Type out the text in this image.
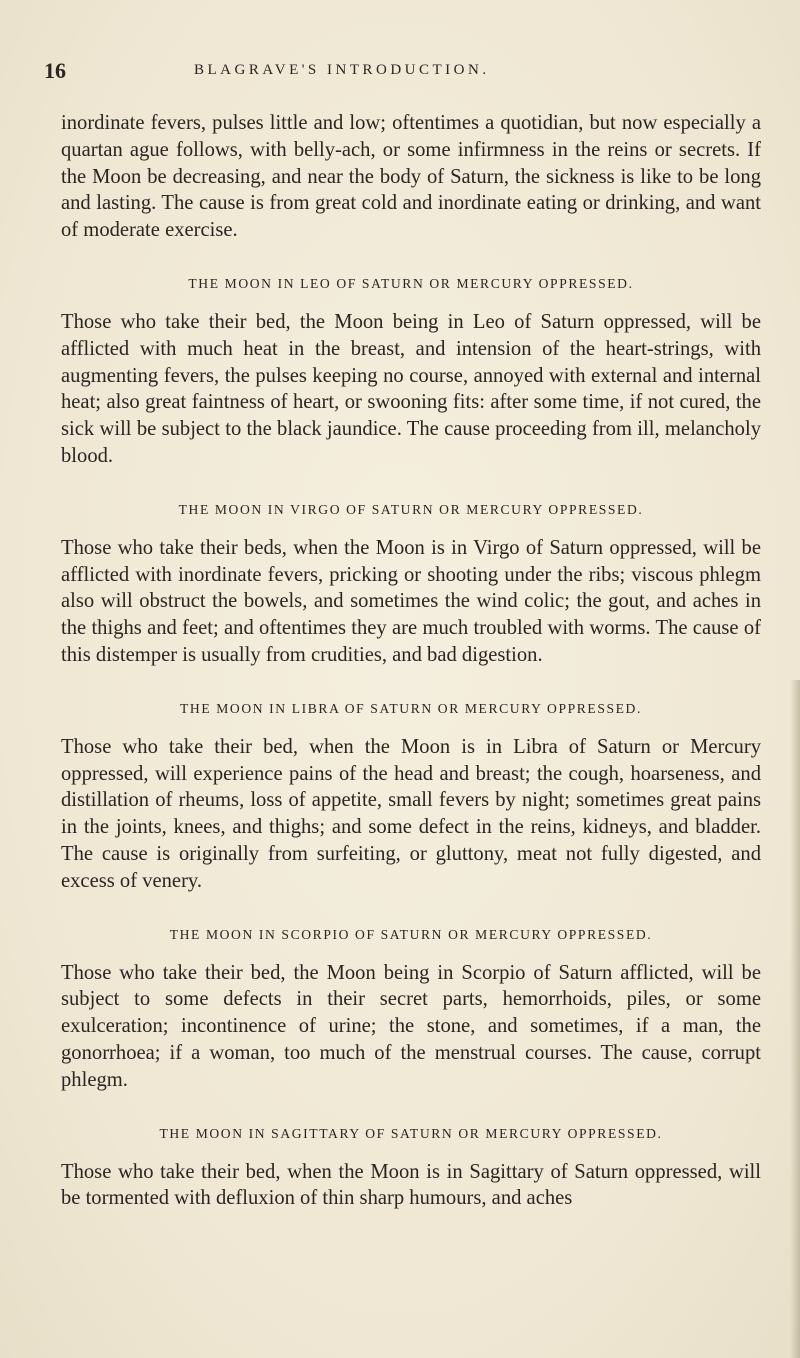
16	BLAGRAVE'S INTRODUCTION.

inordinate fevers, pulses little and low; oftentimes a quotidian, but now especially a quartan ague follows, with belly-ach, or some infirmness in the reins or secrets. If the Moon be decreasing, and near the body of Saturn, the sickness is like to be long and lasting. The cause is from great cold and inordinate eating or drinking, and want of moderate exercise.

THE MOON IN LEO OF SATURN OR MERCURY OPPRESSED.

Those who take their bed, the Moon being in Leo of Saturn oppressed, will be afflicted with much heat in the breast, and intension of the heart-strings, with augmenting fevers, the pulses keeping no course, annoyed with external and internal heat; also great faintness of heart, or swooning fits: after some time, if not cured, the sick will be subject to the black jaundice. The cause proceeding from ill, melancholy blood.

THE MOON IN VIRGO OF SATURN OR MERCURY OPPRESSED.

Those who take their beds, when the Moon is in Virgo of Saturn oppressed, will be afflicted with inordinate fevers, pricking or shooting under the ribs; viscous phlegm also will obstruct the bowels, and sometimes the wind colic; the gout, and aches in the thighs and feet; and oftentimes they are much troubled with worms. The cause of this distemper is usually from crudities, and bad digestion.

THE MOON IN LIBRA OF SATURN OR MERCURY OPPRESSED.

Those who take their bed, when the Moon is in Libra of Saturn or Mercury oppressed, will experience pains of the head and breast; the cough, hoarseness, and distillation of rheums, loss of appetite, small fevers by night; sometimes great pains in the joints, knees, and thighs; and some defect in the reins, kidneys, and bladder. The cause is originally from surfeiting, or gluttony, meat not fully digested, and excess of venery.

THE MOON IN SCORPIO OF SATURN OR MERCURY OPPRESSED.

Those who take their bed, the Moon being in Scorpio of Saturn afflicted, will be subject to some defects in their secret parts, hemorrhoids, piles, or some exulceration; incontinence of urine; the stone, and sometimes, if a man, the gonorrhoea; if a woman, too much of the menstrual courses. The cause, corrupt phlegm.

THE MOON IN SAGITTARY OF SATURN OR MERCURY OPPRESSED.

Those who take their bed, when the Moon is in Sagittary of Saturn oppressed, will be tormented with defluxion of thin sharp humours, and aches
